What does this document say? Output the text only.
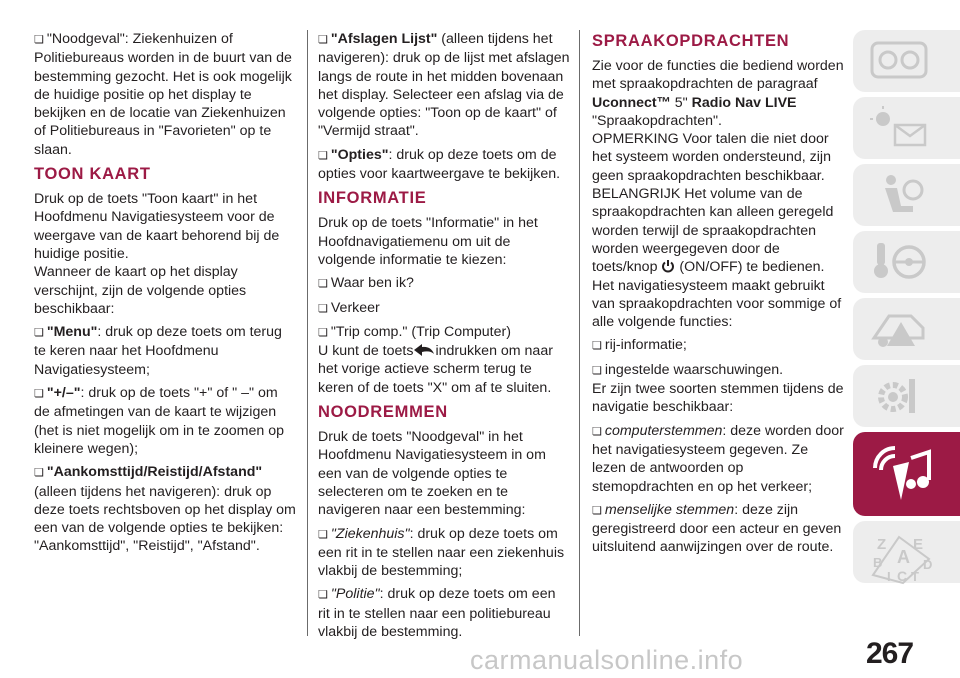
❏ "Noodgeval": Ziekenhuizen of Politiebureaus worden in de buurt van de bestemming gezocht. Het is ook mogelijk de huidige positie op het display te bekijken en de locatie van Ziekenhuizen of Politiebureaus in "Favorieten" op te slaan.

TOON KAART

Druk op de toets "Toon kaart" in het Hoofdmenu Navigatiesysteem voor de weergave van de kaart behorend bij de huidige positie.

Wanneer de kaart op het display verschijnt, zijn de volgende opties beschikbaar:

❏ "Menu": druk op deze toets om terug te keren naar het Hoofdmenu Navigatiesysteem;

❏ "+/–": druk op de toets "+" of " –" om de afmetingen van de kaart te wijzigen (het is niet mogelijk om in te zoomen op kleinere wegen);

❏ "Aankomsttijd/Reistijd/Afstand" (alleen tijdens het navigeren): druk op deze toets rechtsboven op het display om een van de volgende opties te bekijken: "Aankomsttijd", "Reistijd", "Afstand".

❏ "Afslagen Lijst" (alleen tijdens het navigeren): druk op de lijst met afslagen langs de route in het midden bovenaan het display. Selecteer een afslag via de volgende opties: "Toon op de kaart" of "Vermijd straat".

❏ "Opties": druk op deze toets om de opties voor kaartweergave te bekijken.

INFORMATIE

Druk op de toets "Informatie" in het Hoofdnavigatiemenu om uit de volgende informatie te kiezen:

❏ Waar ben ik?

❏ Verkeer

❏ "Trip comp." (Trip Computer)

U kunt de toets indrukken om naar het vorige actieve scherm terug te keren of de toets "X" om af te sluiten.

NOODREMMEN

Druk de toets "Noodgeval" in het Hoofdmenu Navigatiesysteem in om een van de volgende opties te selecteren om te zoeken en te navigeren naar een bestemming:

❏ "Ziekenhuis": druk op deze toets om een rit in te stellen naar een ziekenhuis vlakbij de bestemming;

❏ "Politie": druk op deze toets om een rit in te stellen naar een politiebureau vlakbij de bestemming.

SPRAAKOPDRACHTEN

Zie voor de functies die bediend worden met spraakopdrachten de paragraaf Uconnect™ 5" Radio Nav LIVE "Spraakopdrachten".

OPMERKING Voor talen die niet door het systeem worden ondersteund, zijn geen spraakopdrachten beschikbaar.

BELANGRIJK Het volume van de spraakopdrachten kan alleen geregeld worden terwijl de spraakopdrachten worden weergegeven door de toets/knop (ON/OFF) te bedienen.

Het navigatiesysteem maakt gebruikt van spraakopdrachten voor sommige of alle volgende functies:

❏ rij-informatie;

❏ ingestelde waarschuwingen.

Er zijn twee soorten stemmen tijdens de navigatie beschikbaar:

❏ computerstemmen: deze worden door het navigatiesysteem gegeven. Ze lezen de antwoorden op stemopdrachten en op het verkeer;

❏ menselijke stemmen: deze zijn geregistreerd door een acteur en geven uitsluitend aanwijzingen over de route.	Z E
B A D
I C T
carmanualsonline.info	267
